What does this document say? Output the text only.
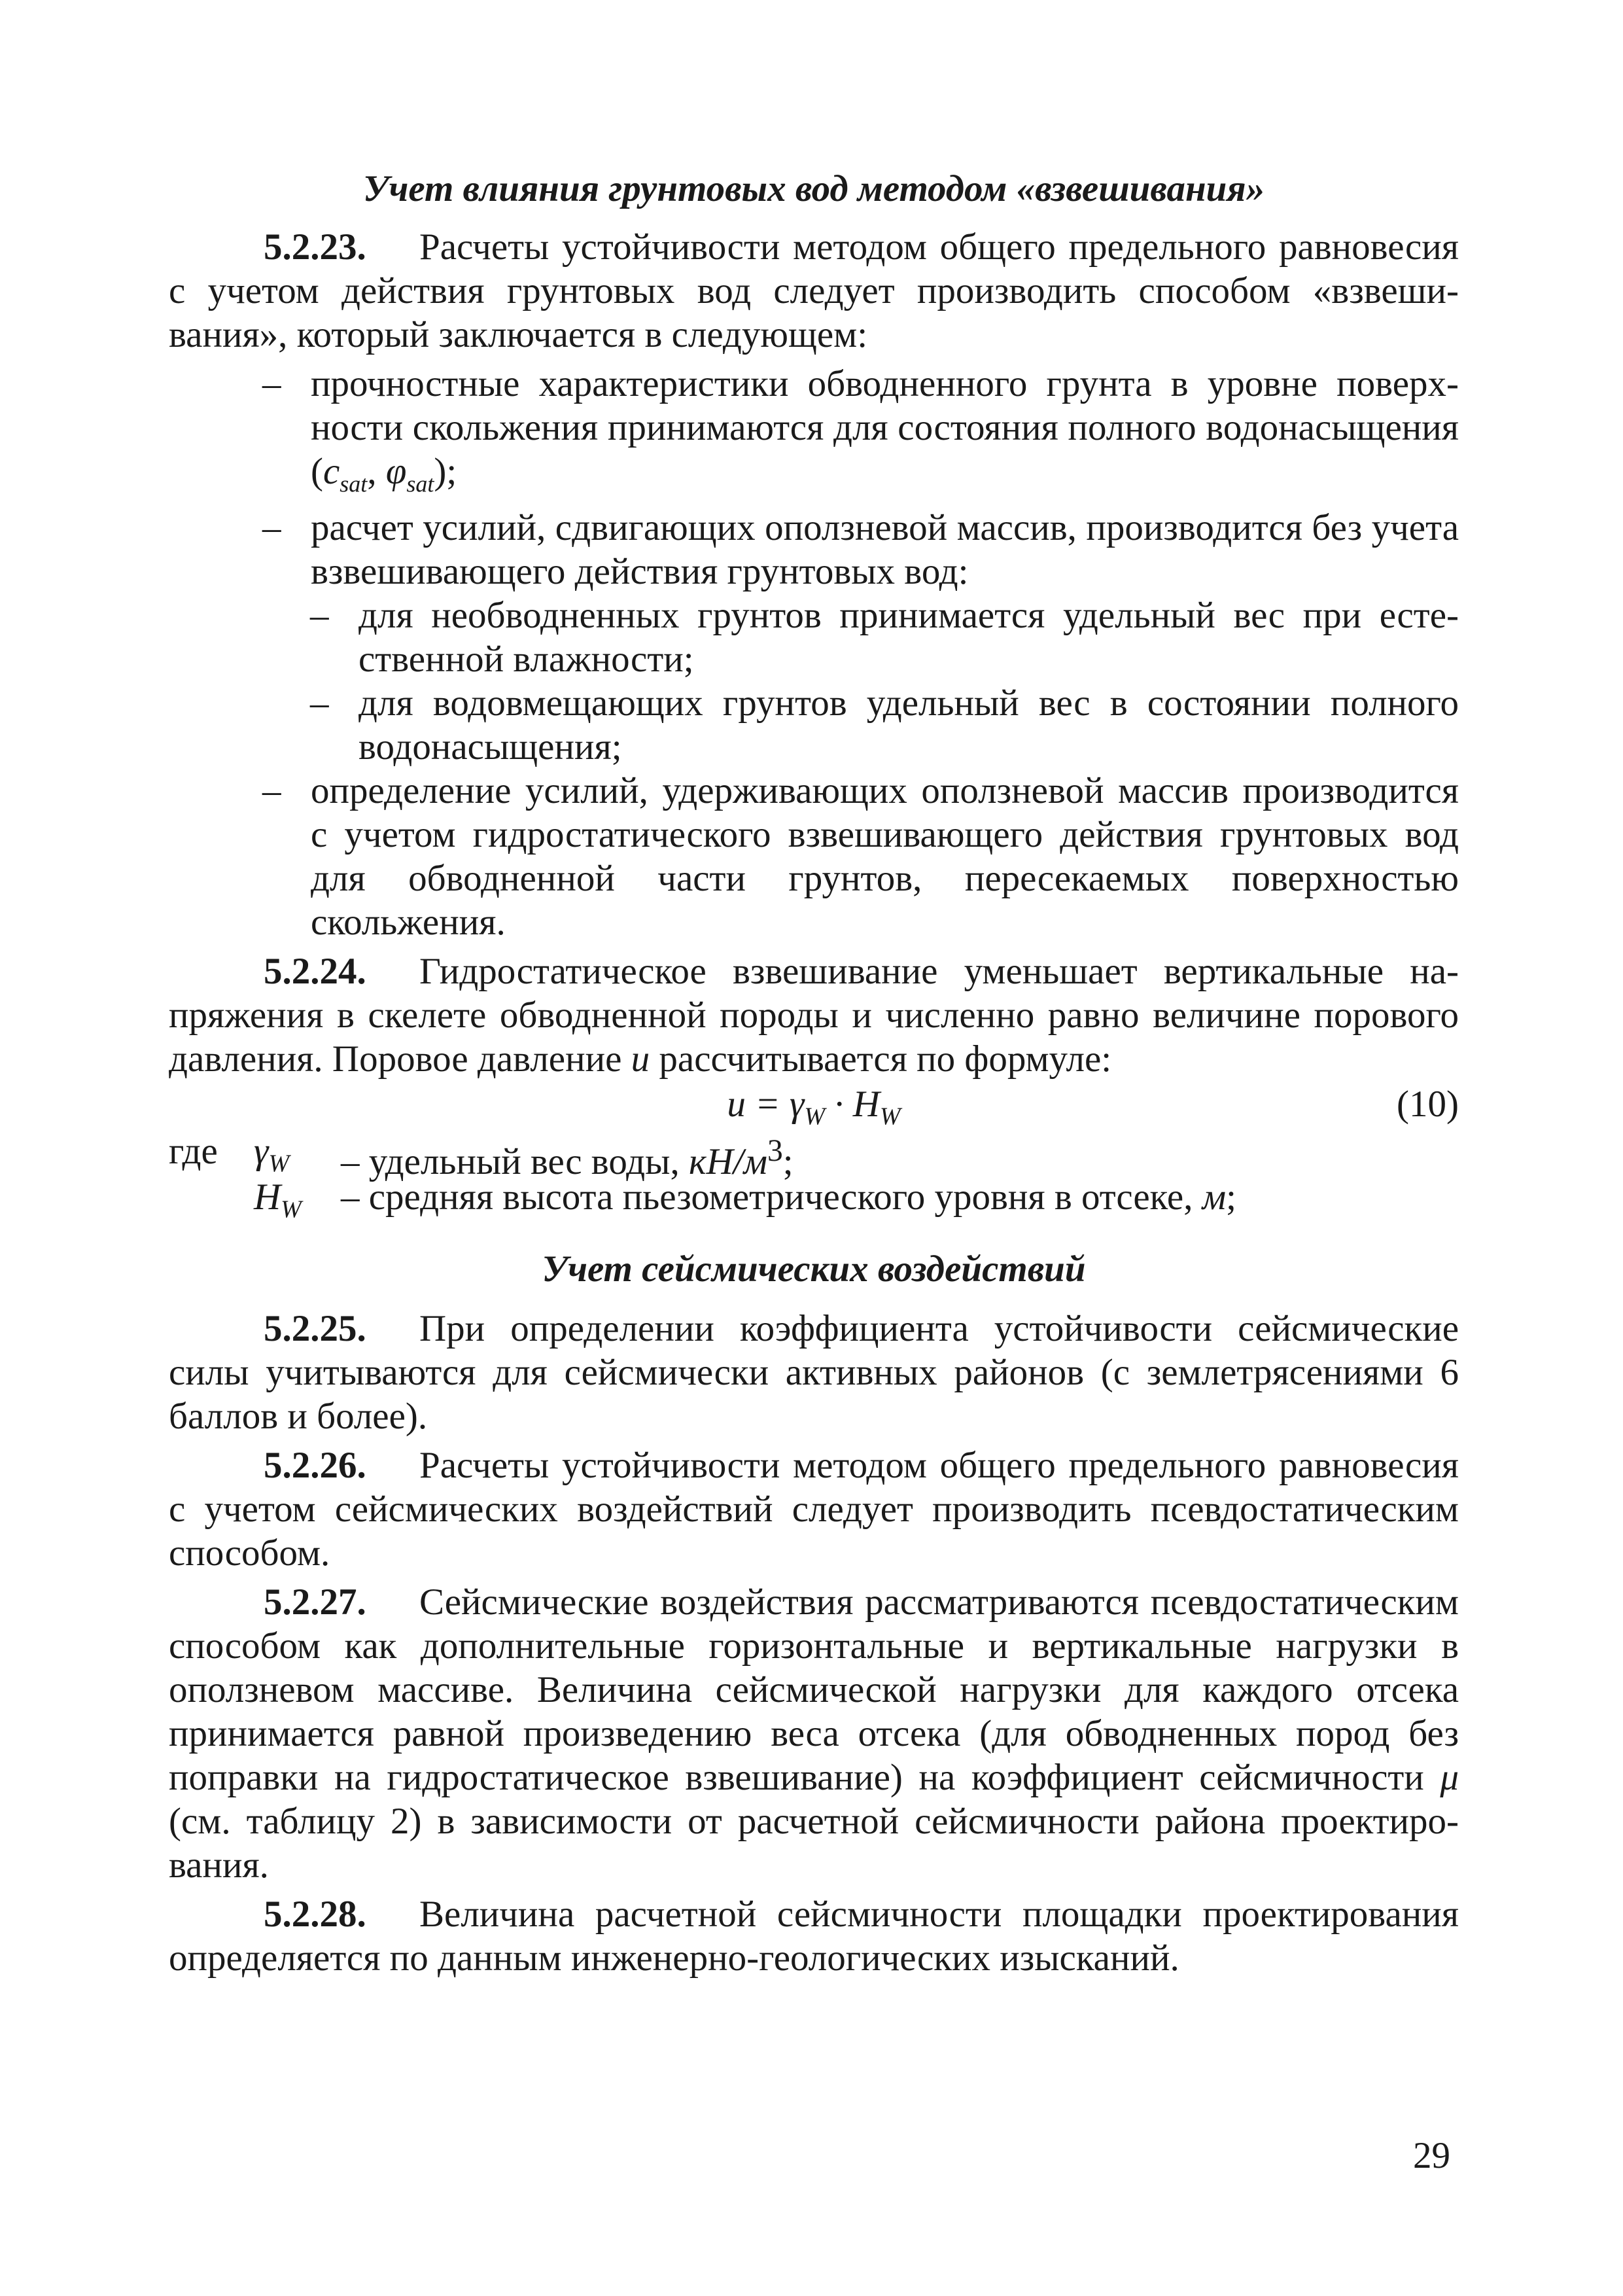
Учет влияния грунтовых вод методом «взвешивания»

5.2.23. Расчеты устойчивости методом общего предельного равновесия с учетом действия грунтовых вод следует производить способом «взвешивания», который заключается в следующем:

– прочностные характеристики обводненного грунта в уровне поверхности скольжения принимаются для состояния полного водонасыщения ($c_{sat}$, $\varphi_{sat}$);

– расчет усилий, сдвигающих оползневой массив, производится без учета взвешивающего действия грунтовых вод:

– для необводненных грунтов принимается удельный вес при естественной влажности;

– для водовмещающих грунтов удельный вес в состоянии полного водонасыщения;

– определение усилий, удерживающих оползневой массив производится с учетом гидростатического взвешивающего действия грунтовых вод для обводненной части грунтов, пересекаемых поверхностью скольжения.

5.2.24. Гидростатическое взвешивание уменьшает вертикальные напряжения в скелете обводненной породы и численно равно величине порового давления. Поровое давление u рассчитывается по формуле:

$u = \gamma_W \cdot H_W$	(10)
где $\gamma_W$ – удельный вес воды, $кН/м^3$;
$H_W$ – средняя высота пьезометрического уровня в отсеке, м;

Учет сейсмических воздействий

5.2.25. При определении коэффициента устойчивости сейсмические силы учитываются для сейсмически активных районов (с землетрясениями 6 баллов и более).

5.2.26. Расчеты устойчивости методом общего предельного равновесия с учетом сейсмических воздействий следует производить псевдостатическим способом.

5.2.27. Сейсмические воздействия рассматриваются псевдостатическим способом как дополнительные горизонтальные и вертикальные нагрузки в оползневом массиве. Величина сейсмической нагрузки для каждого отсека принимается равной произведению веса отсека (для обводненных пород без поправки на гидростатическое взвешивание) на коэффициент сейсмичности μ (см. таблицу 2) в зависимости от расчетной сейсмичности района проектирования.

5.2.28. Величина расчетной сейсмичности площадки проектирования определяется по данным инженерно-геологических изысканий.

29
